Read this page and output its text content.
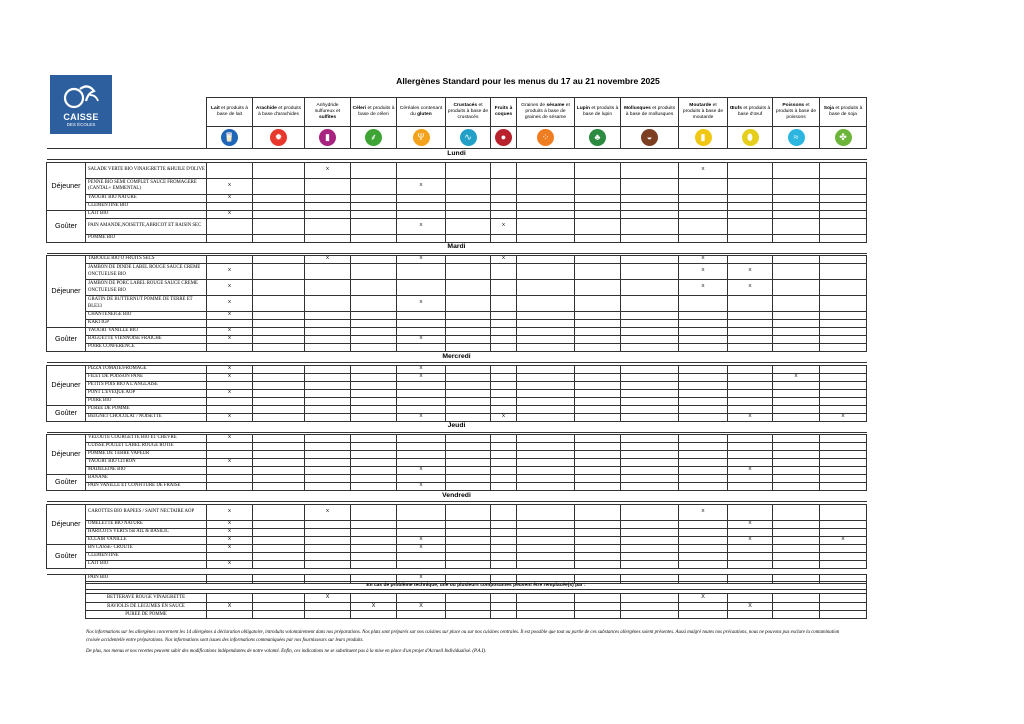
CAISSE
DES ÉCOLES
Allergènes Standard pour les menus du 17 au 21 novembre 2025
		Lait et produits à base de lait	Arachide et produits à base d'arachides	Anhydride sulfureux et sulfites	Céleri et produits à base de céleri	Céréales contenant du gluten	Crustacés et produits à base de crustacés	Fruits à coques	Graines de sésame et produits à base de graines de sésame	Lupin et produits à base de lupin	Mollusques et produits à base de mollusques	Moutarde et produits à base de moutarde	Œufs et produits à base d'œuf	Poissons et produits à base de poissons	Soja et produits à base de soja
		🥛	✹	▮	⸙	Ψ	∿	●	⁘	♣	◒	▮	⬮	≈	✤
Lundi															

Déjeuner	SALADE VERTE BIO VINAIGRETTE &HUILE D'OLIVE			X								X			
	PENNE BIO SEMI COMPLET SAUCE FROMAGERE (CANTAL+ EMMENTAL)	X				X									
	YAOURT BIO NATURE	X													
	CLEMENTINE BIO														
Goûter	LAIT BIO	X													
	PAIN AMANDE,NOISETTE,ABRICOT ET RAISIN SEC					X		X							
	POMME BIO														
Mardi															

Déjeuner	TABOULE BIO O FRUITS SECS			X		X		X				X			
	JAMBON DE DINDE LABEL ROUGE SAUCE CREME ONCTUEUSE BIO	X										X	X		
	JAMBON DE PORC LABEL ROUGE SAUCE CREME ONCTUEUSE BIO	X										X	X		
	GRATIN DE BUTTERNUT POMME DE TERRE ET BLE33	X				X									
	CHANTENEIGE BIO	X													
	KAKI IGP														
Goûter	YAOURT VANILLE BIO	X													
	BAGUETTE VIENNOISE FRAICHE	X				X									
	POIRE CONFERENCE														
Mercredi															

Déjeuner	PIZZA TOMATE/FROMAGE	X				X									
	FILET DE POISSON PANE	X				X								X	
	PETITS POIS BIO A L'ANGLAISE														
	PONT L'EVEQUE AOP	X													
	POIRE BIO														
Goûter	PUREE DE POMME														
	BEIGNET CHOCOLAT / NOISETTE	X				X		X					X		X
Jeudi															

Déjeuner	VELOUTE COURGETTE BIO ET CHEVRE	X													
	CUISSE POULET LABEL ROUGE ROTIE														
	POMME DE TERRE VAPEUR														
	YAOURT BIO CITRON	X													
	MADELEINE BIO					X							X		
Goûter	BANANE														
	PAIN VANILLE ET CONFITURE DE FRAISE					X									
Vendredi															

Déjeuner	CAROTTES BIO RAPEES / SAINT NECTAIRE AOP	X		X								X			
	OMELETTE BIO NATURE	X											X		
	HARICOTS VERTS bio AIL & BASILIC	X													
	ECLAIR VANILLE	X				X							X		X
Goûter	BN CASSE- CROUTE	X				X									
	CLEMENTINE														
	LAIT BIO	X													

	PAIN BIO					X									
En cas de problème technique, une ou plusieurs composantes peuvent être remplacée(s) par :														

BETTERAVE ROUGE VINAIGRETTE			X								X			
RAVIOLIS DE LEGUMES EN SAUCE	X			X	X							X		
PUREE DE POMME														

Nos informations sur les allergènes concernent les 14 allergènes à déclaration obligatoire, introduits volontairement dans nos préparations. Nos plats sont préparés sur nos cuisines sur place ou sur nos cuisines centrales. Il est possible que tout ou partie de ces substances allergènes soient présentes. Aussi malgré toutes nos précautions, nous ne pouvons pas exclure la contamination croisée accidentelle entre préparations. Nos informations sont issues des informations communiquées par nos fournisseurs sur leurs produits.

De plus, nos menus et nos recettes peuvent subir des modifications indépendantes de notre volonté. Enfin, ces indications ne se substituent pas à la mise en place d'un projet d'Accueil Individualisé. (P.A.I).
